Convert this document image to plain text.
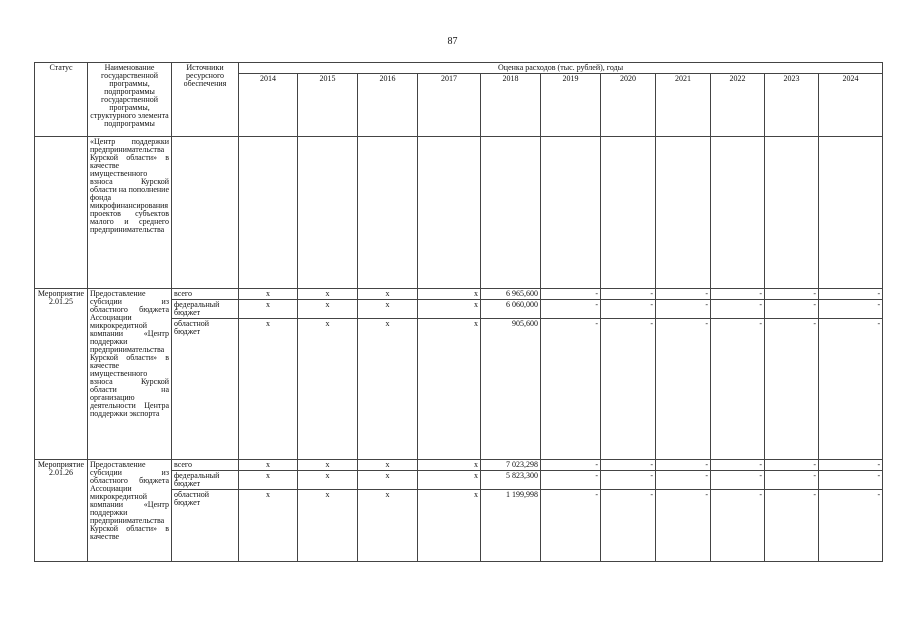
87
Статус	Наименование государственной программы, подпрограммы государственной программы, структурного элемента подпрограммы	Источники ресурсного обеспечения	Оценка расходов (тыс. рублей), годы										
			2014	2015	2016	2017	2018	2019	2020	2021	2022	2023	2024
	«Центр поддержки предпринимательства Курской области» в качестве имущественного взноса Курской области на пополнение фонда микрофинансирования проектов субъектов малого и среднего предпринимательства												
Мероприятие 2.01.25	Предоставление субсидии из областного бюджета Ассоциации микрокредитной компании «Центр поддержки предпринимательства Курской области» в качестве имущественного взноса Курской области на организацию деятельности Центра поддержки экспорта	всего	x	x	x	x	6 965,600	-	-	-	-	-	-
		федеральный бюджет	x	x	x	x	6 060,000	-	-	-	-	-	-
		областной бюджет	x	x	x	x	905,600	-	-	-	-	-	-
Мероприятие 2.01.26	Предоставление субсидии из областного бюджета Ассоциации микрокредитной компании «Центр поддержки предпринимательства Курской области» в качестве	всего	x	x	x	x	7 023,298	-	-	-	-	-	-
		федеральный бюджет	x	x	x	x	5 823,300	-	-	-	-	-	-
		областной бюджет	x	x	x	x	1 199,998	-	-	-	-	-	-
